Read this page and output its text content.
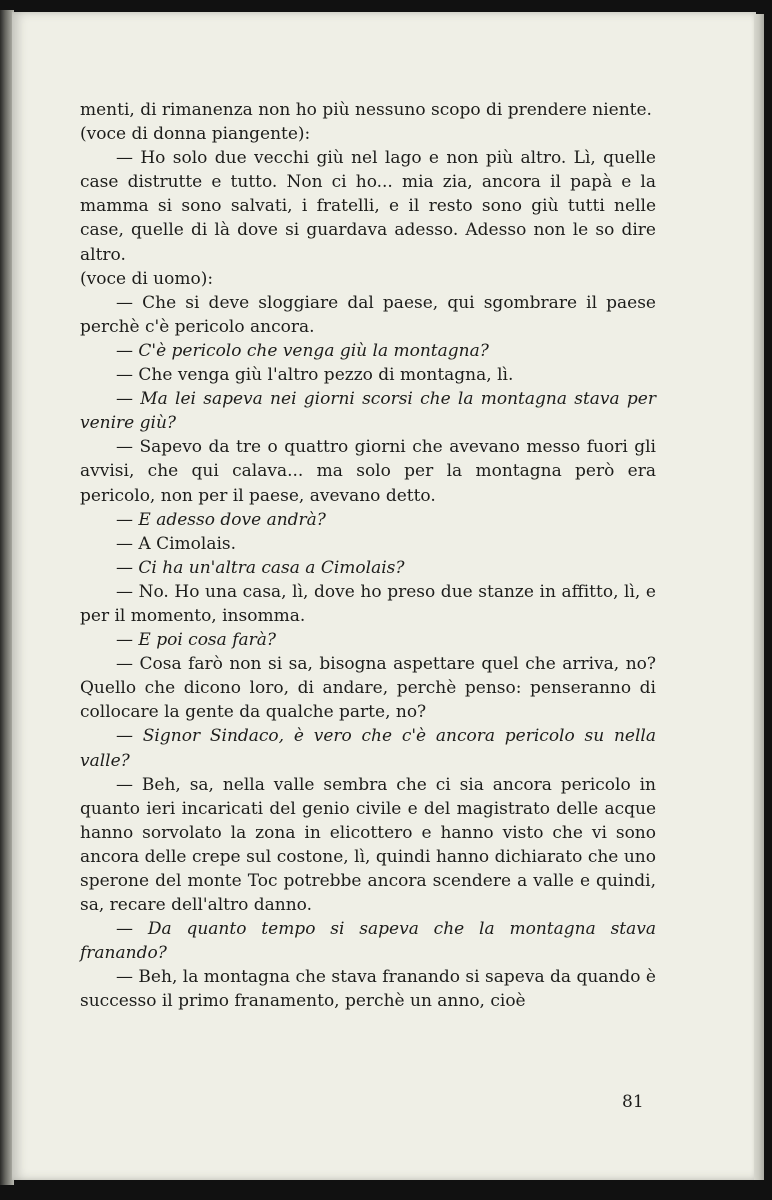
menti, di rimanenza non ho più nessuno scopo di prendere niente.

(voce di donna piangente):

— Ho solo due vecchi giù nel lago e non più altro. Lì, quelle case distrutte e tutto. Non ci ho... mia zia, ancora il papà e la mamma si sono salvati, i fratelli, e il resto sono giù tutti nelle case, quelle di là dove si guardava adesso. Adesso non le so dire altro.

(voce di uomo):

— Che si deve sloggiare dal paese, qui sgombrare il paese perchè c'è pericolo ancora.

— C'è pericolo che venga giù la montagna?

— Che venga giù l'altro pezzo di montagna, lì.

— Ma lei sapeva nei giorni scorsi che la montagna stava per venire giù?

— Sapevo da tre o quattro giorni che avevano messo fuori gli avvisi, che qui calava... ma solo per la montagna però era pericolo, non per il paese, avevano detto.

— E adesso dove andrà?

— A Cimolais.

— Ci ha un'altra casa a Cimolais?

— No. Ho una casa, lì, dove ho preso due stanze in affitto, lì, e per il momento, insomma.

— E poi cosa farà?

— Cosa farò non si sa, bisogna aspettare quel che arriva, no? Quello che dicono loro, di andare, perchè penso: penseranno di collocare la gente da qualche parte, no?

— Signor Sindaco, è vero che c'è ancora pericolo su nella valle?

— Beh, sa, nella valle sembra che ci sia ancora pericolo in quanto ieri incaricati del genio civile e del magistrato delle acque hanno sorvolato la zona in elicottero e hanno visto che vi sono ancora delle crepe sul costone, lì, quindi hanno dichiarato che uno sperone del monte Toc potrebbe ancora scendere a valle e quindi, sa, recare dell'altro danno.

— Da quanto tempo si sapeva che la montagna stava franando?

— Beh, la montagna che stava franando si sapeva da quando è successo il primo franamento, perchè un anno, cioè

81
